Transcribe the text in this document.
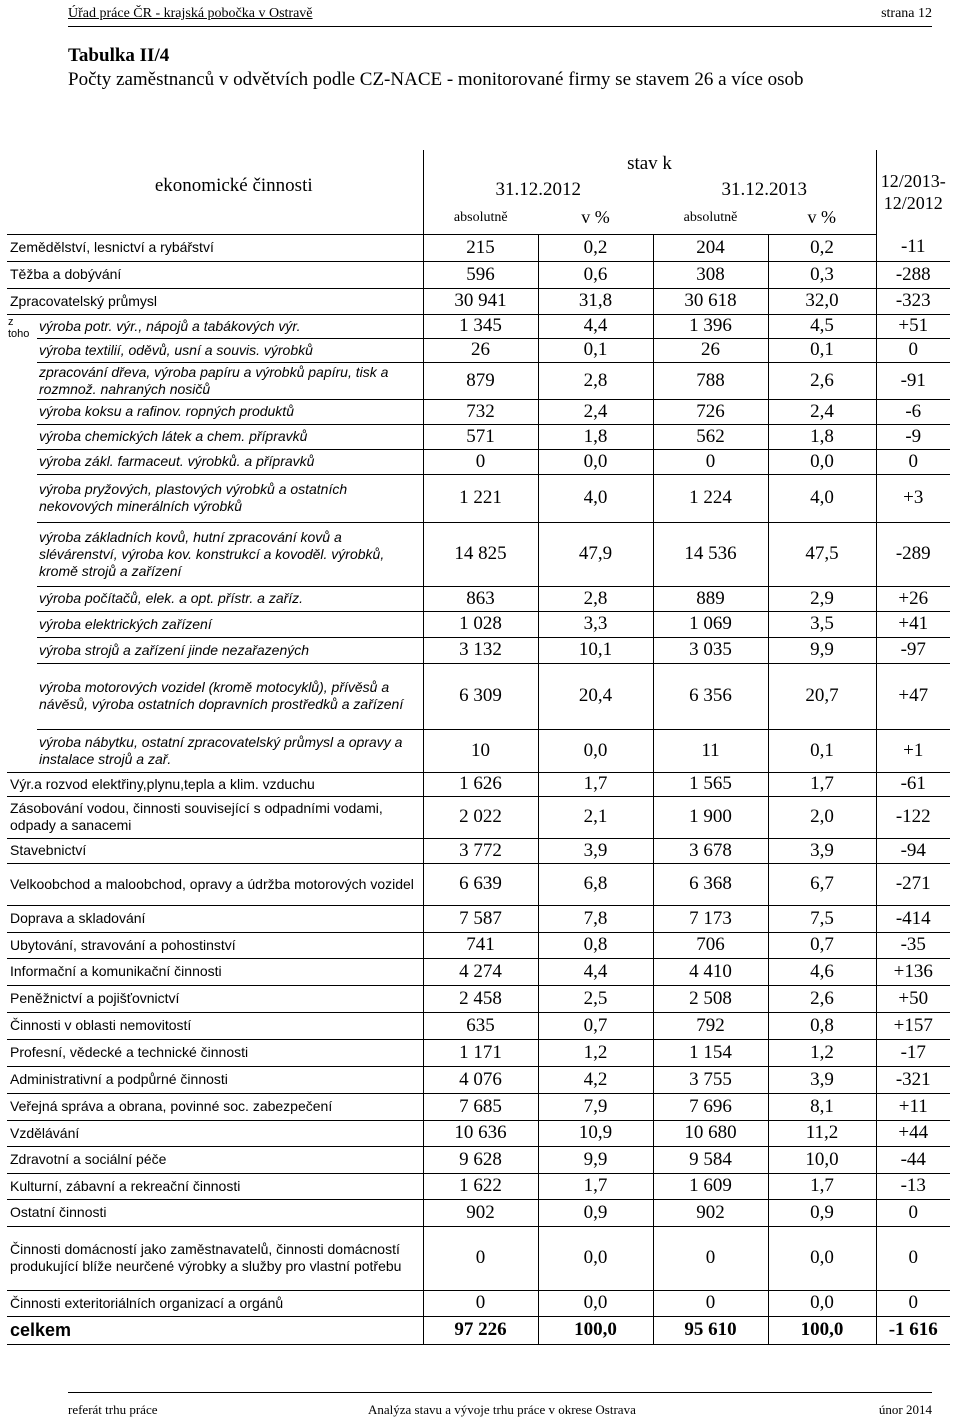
Úřad práce ČR - krajská pobočka v Ostravě	strana 12
Tabulka II/4
Počty zaměstnanců v odvětvích podle CZ-NACE - monitorované firmy se stavem 26 a více osob
ekonomické činnosti		stav k				12/2013-
12/2012

		31.12.2012		31.12.2013		
		absolutně	v %	absolutně	v %	
Zemědělství, lesnictví a rybářství		215	0,2	204	0,2	-11
Těžba a dobývání		596	0,6	308	0,3	-288
Zpracovatelský průmysl		30 941	31,8	30 618	32,0	-323
z toho	výroba potr. výr., nápojů a tabákových výr.	1 345	4,4	1 396	4,5	+51
	výroba textilií, oděvů, usní a souvis. výrobků	26	0,1	26	0,1	0
	zpracování dřeva, výroba papíru a výrobků papíru, tisk a rozmnož. nahraných nosičů	879	2,8	788	2,6	-91
	výroba koksu a rafinov. ropných produktů	732	2,4	726	2,4	-6
	výroba chemických látek a chem. přípravků	571	1,8	562	1,8	-9
	výroba zákl. farmaceut. výrobků. a přípravků	0	0,0	0	0,0	0
	výroba pryžových, plastových výrobků a ostatních nekovových minerálních výrobků	1 221	4,0	1 224	4,0	+3
	výroba základních kovů, hutní zpracování kovů a slévárenství, výroba kov. konstrukcí a kovoděl. výrobků, kromě strojů a zařízení	14 825	47,9	14 536	47,5	-289
	výroba počítačů, elek. a opt. přístr. a zaříz.	863	2,8	889	2,9	+26
	výroba elektrických zařízení	1 028	3,3	1 069	3,5	+41
	výroba strojů a zařízení jinde nezařazených	3 132	10,1	3 035	9,9	-97
	výroba motorových vozidel (kromě motocyklů), přívěsů a návěsů, výroba ostatních dopravních prostředků a zařízení	6 309	20,4	6 356	20,7	+47
	výroba nábytku, ostatní zpracovatelský průmysl a opravy a instalace strojů a zař.	10	0,0	11	0,1	+1
Výr.a rozvod elektřiny,plynu,tepla a klim. vzduchu		1 626	1,7	1 565	1,7	-61
Zásobování vodou, činnosti související s odpadními vodami, odpady a sanacemi		2 022	2,1	1 900	2,0	-122
Stavebnictví		3 772	3,9	3 678	3,9	-94
Velkoobchod a maloobchod, opravy a údržba motorových vozidel		6 639	6,8	6 368	6,7	-271
Doprava a skladování		7 587	7,8	7 173	7,5	-414
Ubytování, stravování a pohostinství		741	0,8	706	0,7	-35
Informační a komunikační činnosti		4 274	4,4	4 410	4,6	+136
Peněžnictví a pojišťovnictví		2 458	2,5	2 508	2,6	+50
Činnosti v oblasti nemovitostí		635	0,7	792	0,8	+157
Profesní, vědecké a technické činnosti		1 171	1,2	1 154	1,2	-17
Administrativní a podpůrné činnosti		4 076	4,2	3 755	3,9	-321
Veřejná správa a obrana, povinné soc. zabezpečení		7 685	7,9	7 696	8,1	+11
Vzdělávání		10 636	10,9	10 680	11,2	+44
Zdravotní a sociální péče		9 628	9,9	9 584	10,0	-44
Kulturní, zábavní a rekreační činnosti		1 622	1,7	1 609	1,7	-13
Ostatní činnosti		902	0,9	902	0,9	0
Činnosti domácností jako zaměstnavatelů, činnosti domácností produkující blíže neurčené výrobky a služby pro vlastní potřebu		0	0,0	0	0,0	0
Činnosti exteritoriálních organizací a orgánů		0	0,0	0	0,0	0
celkem		97 226	100,0	95 610	100,0	-1 616
referát trhu práce	Analýza stavu a vývoje trhu práce v okrese Ostrava	únor 2014
